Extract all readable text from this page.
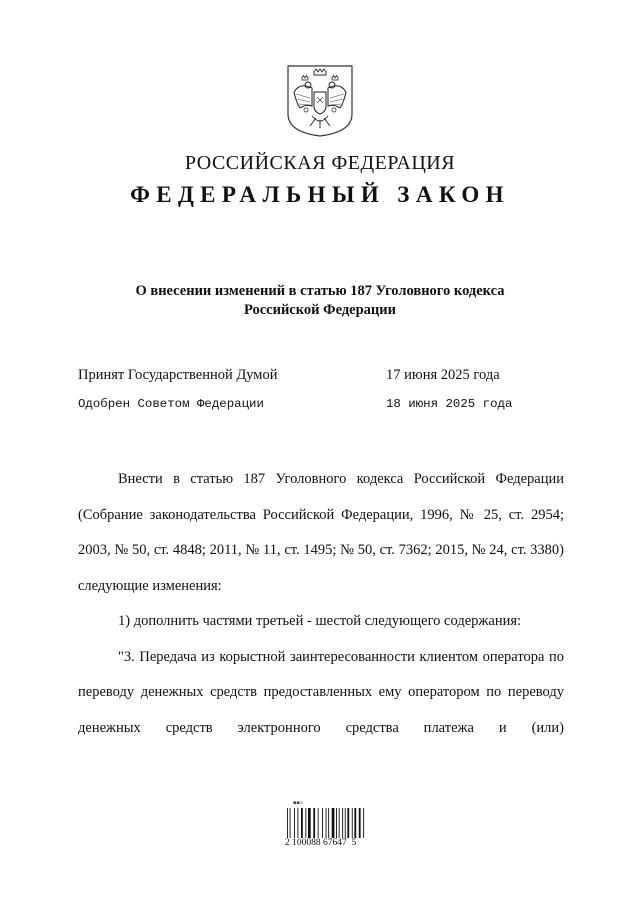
РОССИЙСКАЯ ФЕДЕРАЦИЯ
ФЕДЕРАЛЬНЫЙ ЗАКОН
О внесении изменений в статью 187 Уголовного кодекса
Российской Федерации
Принят Государственной Думой	17 июня 2025 года
Одобрен Советом Федерации	18 июня 2025 года

Внести в статью 187 Уголовного кодекса Российской Федерации (Собрание законодательства Российской Федерации, 1996, № 25, ст. 2954; 2003, № 50, ст. 4848; 2011, № 11, ст. 1495; № 50, ст. 7362; 2015, № 24, ст. 3380) следующие изменения:

1) дополнить частями третьей - шестой следующего содержания:

"3. Передача из корыстной заинтересованности клиентом оператора по переводу денежных средств предоставленных ему оператором по переводу денежных средств электронного средства платежа и (или)

▪▪▫
2 100088 67647  5
